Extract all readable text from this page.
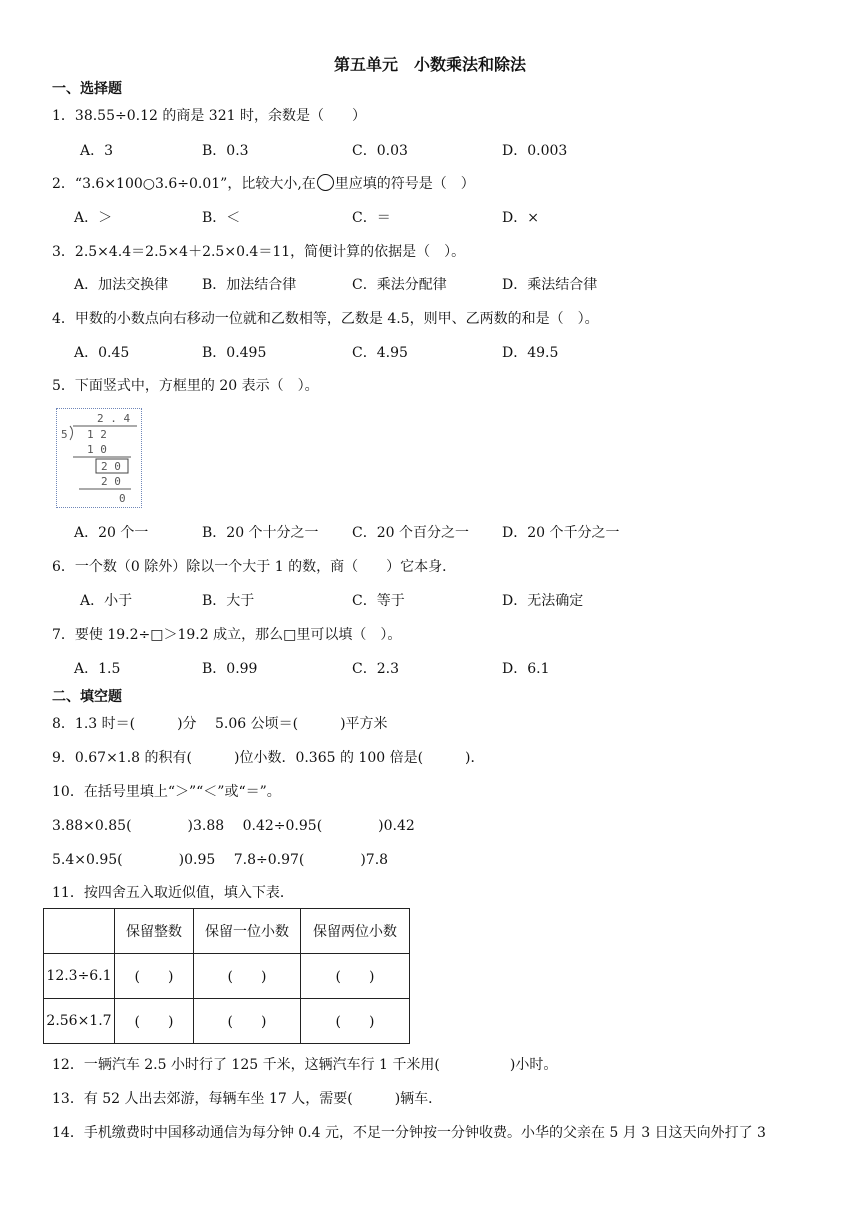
第五单元　小数乘法和除法
一、选择题
1．38.55÷0.12 的商是 321 时，余数是（　　）
A．3	B．0.3	C．0.03	D．0.003
2．“3.6×100○3.6÷0.01”，比较大小,在 里应填的符号是（　）
A．＞	B．＜	C．＝	D．×
3．2.5×4.4＝2.5×4＋2.5×0.4＝11，简便计算的依据是（　）。
A．加法交换律 B．加法结合律	C．乘法分配律	D．乘法结合律
4．甲数的小数点向右移动一位就和乙数相等，乙数是 4.5，则甲、乙两数的和是（　）。
A．0.45	B．0.495	C．4.95	D．49.5
5．下面竖式中，方框里的 20 表示（　）。
2 . 4
5 1 2
1 0
2 0
2 0
0
A．20 个一	B．20 个十分之一 C．20 个百分之一 D．20 个千分之一
6．一个数（0 除外）除以一个大于 1 的数，商（　　）它本身．
A．小于	B．大于	C．等于	D．无法确定
7．要使 19.2÷□＞19.2 成立，那么□里可以填（　）。
A．1.5	B．0.99	C．2.3	D．6.1
二、填空题
8．1.3 时＝(　　　)分　 5.06 公顷＝(　　　)平方米
9．0.67×1.8 的积有(　　　)位小数．0.365 的 100 倍是(　　　)．
10．在括号里填上“＞”“＜”或“＝”。
3.88×0.85(　　　　)3.88　 0.42÷0.95(　　　　)0.42
5.4×0.95(　　　　)0.95　 7.8÷0.97(　　　　)7.8
11．按四舍五入取近似值，填入下表．
	保留整数	保留一位小数	保留两位小数
12.3÷6.1	(　　)	(　　)	(　　)
2.56×1.7	(　　)	(　　)	(　　)
12．一辆汽车 2.5 小时行了 125 千米，这辆汽车行 1 千米用(　　　　　)小时。
13．有 52 人出去郊游，每辆车坐 17 人，需要(　　　)辆车．
14．手机缴费时中国移动通信为每分钟 0.4 元，不足一分钟按一分钟收费。小华的父亲在 5 月 3 日这天向外打了 3
